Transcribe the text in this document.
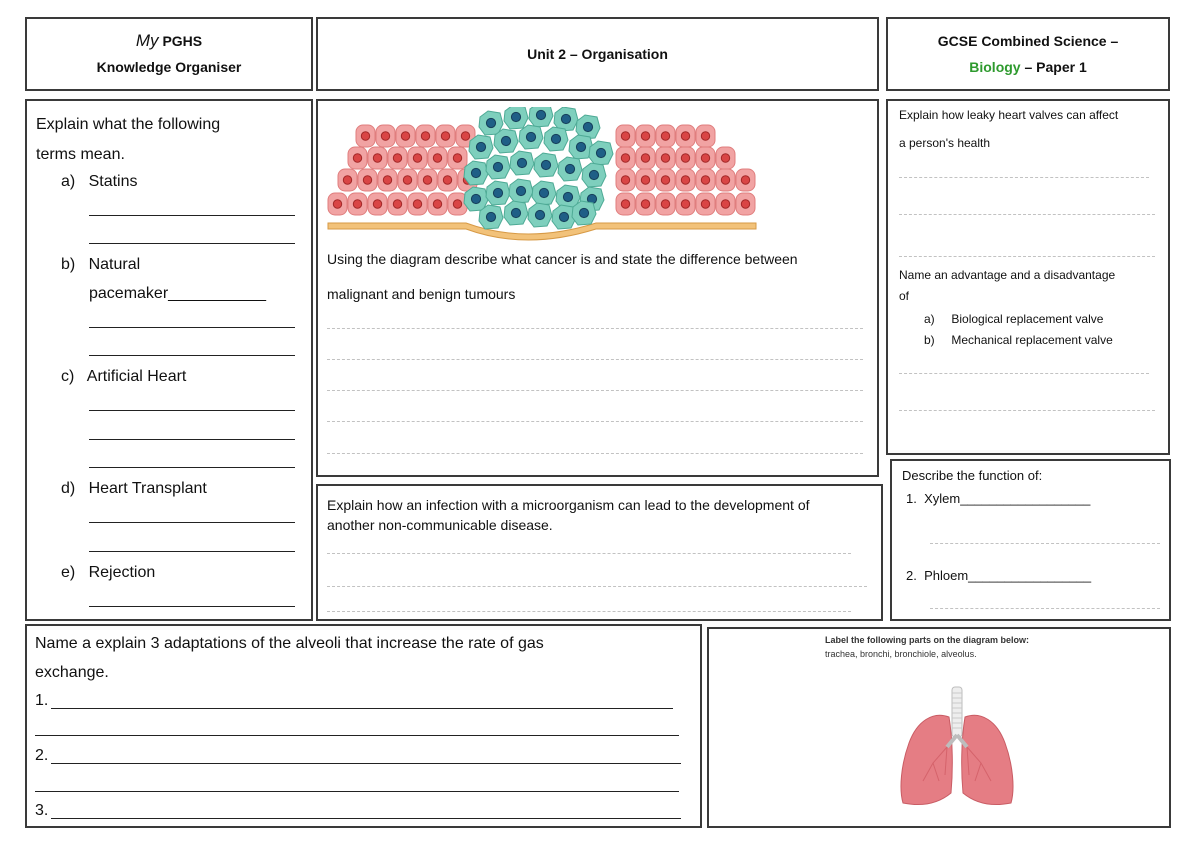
My PGHS
Knowledge Organiser
Unit 2 – Organisation
GCSE Combined Science –
Biology – Paper 1
Explain what the following
terms mean.
a) Statins
b) Natural
pacemaker___________
c) Artificial Heart
d) Heart Transplant
e) Rejection
Using the diagram describe what cancer is and state the difference between
malignant and benign tumours
Explain how an infection with a microorganism can lead to the development of
another non-communicable disease.
Explain how leaky heart valves can affect
a person's health
Name an advantage and a disadvantage
of
a) Biological replacement valve
b) Mechanical replacement valve
Describe the function of:
1. Xylem__________________
2. Phloem_________________
Name a explain 3 adaptations of the alveoli that increase the rate of gas
exchange.
1.
2.
3.
Label the following parts on the diagram below:
trachea, bronchi, bronchiole, alveolus.
